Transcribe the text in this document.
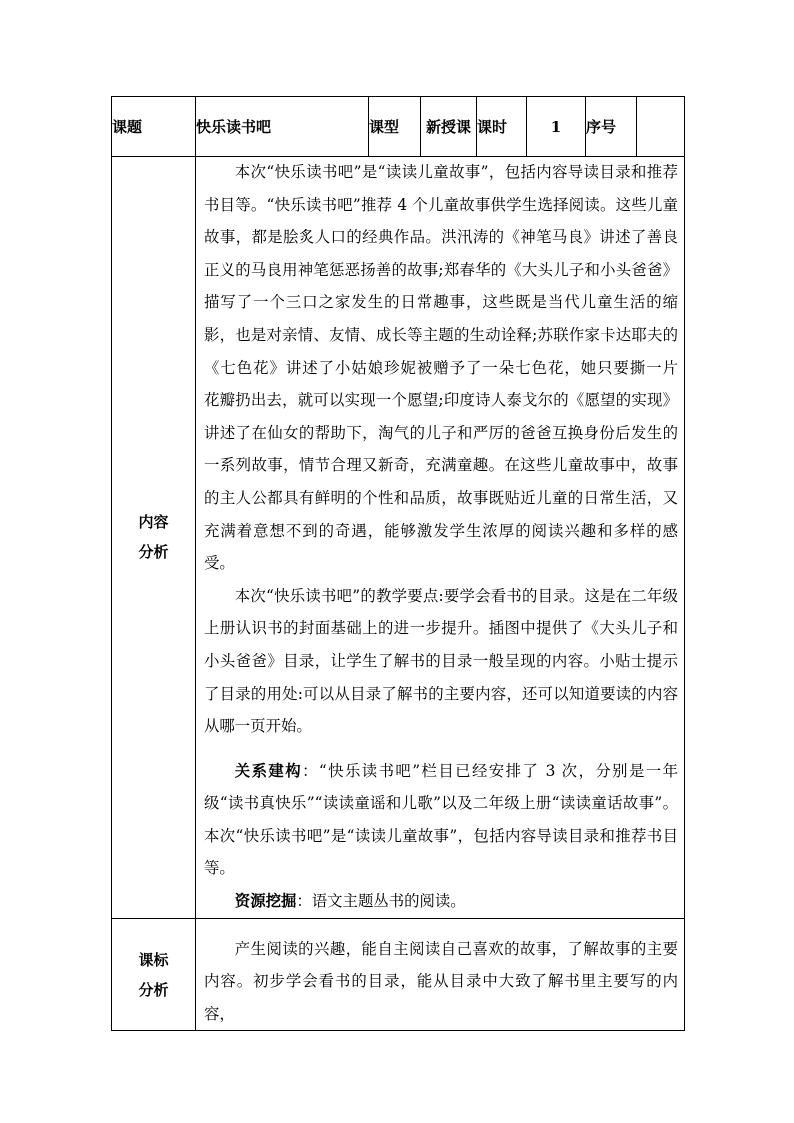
课题	快乐读书吧	课型	新授课	课时	1	序号	

内容分析	本次“快乐读书吧”是“读读儿童故事”，包括内容导读目录和推荐书目等。“快乐读书吧”推荐 4 个儿童故事供学生选择阅读。这些儿童故事，都是脍炙人口的经典作品。洪汛涛的《神笔马良》讲述了善良正义的马良用神笔惩恶扬善的故事;郑春华的《大头儿子和小头爸爸》描写了一个三口之家发生的日常趣事，这些既是当代儿童生活的缩影，也是对亲情、友情、成长等主题的生动诠释;苏联作家卡达耶夫的《七色花》讲述了小姑娘珍妮被赠予了一朵七色花，她只要撕一片　花瓣扔出去，就可以实现一个愿望;印度诗人泰戈尔的《愿望的实现》讲述了在仙女的帮助下，淘气的儿子和严厉的爸爸互换身份后发生的一系列故事，情节合理又新奇，充满童趣。在这些儿童故事中，故事的主人公都具有鲜明的个性和品质，故事既贴近儿童的日常生活，又充满着意想不到的奇遇，能够激发学生浓厚的阅读兴趣和多样的感受。

本次“快乐读书吧”的教学要点:要学会看书的目录。这是在二年级上册认识书的封面基础上的进一步提升。插图中提供了《大头儿子和小头爸爸》目录，让学生了解书的目录一般呈现的内容。小贴士提示了目录的用处:可以从目录了解书的主要内容，还可以知道要读的内容从哪一页开始。

关系建构：“快乐读书吧”栏目已经安排了 3 次，分别是一年级“读书真快乐”“读读童谣和儿歌”以及二年级上册“读读童话故事”。本次“快乐读书吧”是“读读儿童故事”，包括内容导读目录和推荐书目等。

资源挖掘：语文主题丛书的阅读。						

课标分析	产生阅读的兴趣，能自主阅读自己喜欢的故事，了解故事的主要内容。初步学会看书的目录，能从目录中大致了解书里主要写的内容，						
